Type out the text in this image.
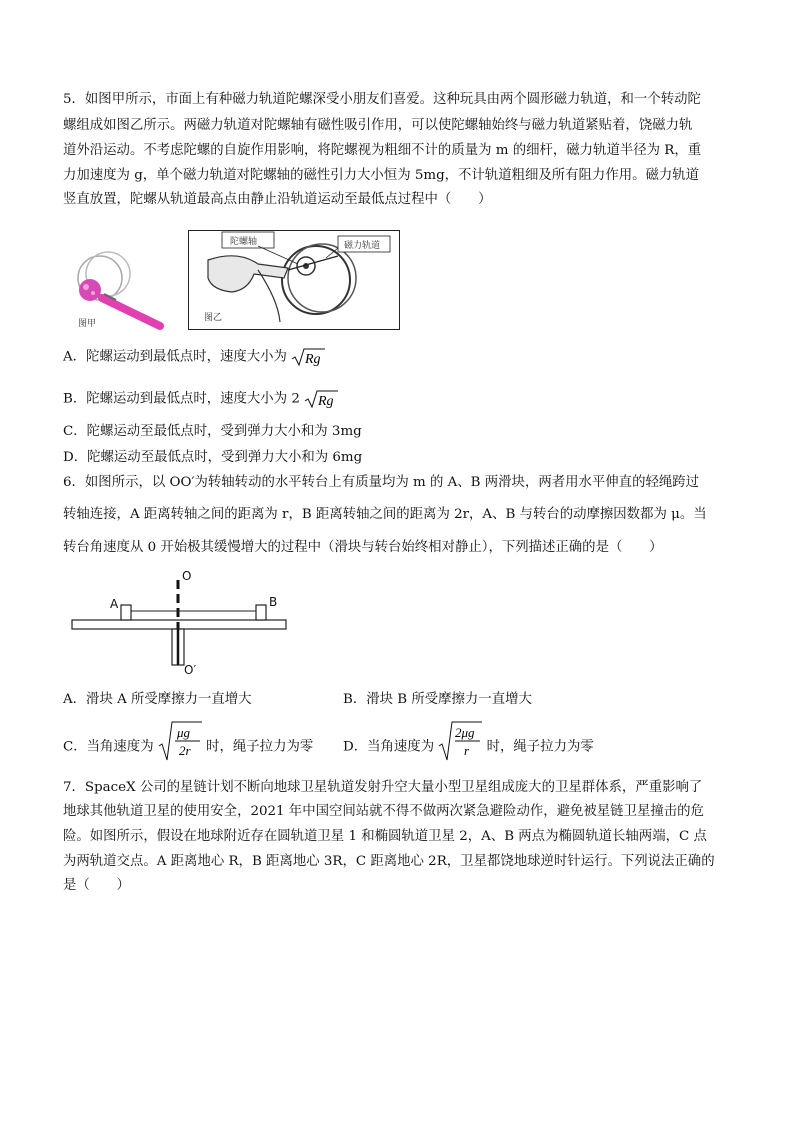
5．如图甲所示，市面上有种磁力轨道陀螺深受小朋友们喜爱。这种玩具由两个圆形磁力轨道，和一个转动陀
螺组成如图乙所示。两磁力轨道对陀螺轴有磁性吸引作用，可以使陀螺轴始终与磁力轨道紧贴着，饶磁力轨
道外沿运动。不考虑陀螺的自旋作用影响，将陀螺视为粗细不计的质量为 m 的细杆，磁力轨道半径为 R，重
力加速度为 g，单个磁力轨道对陀螺轴的磁性引力大小恒为 5mg，不计轨道粗细及所有阻力作用。磁力轨道
竖直放置，陀螺从轨道最高点由静止沿轨道运动至最低点过程中（　　）
图甲
陀螺轴	磁力轨道
图乙
A．陀螺运动到最低点时，速度大小为 Rg
B．陀螺运动到最低点时，速度大小为 2 Rg
C．陀螺运动至最低点时，受到弹力大小和为 3mg
D．陀螺运动至最低点时，受到弹力大小和为 6mg
6．如图所示，以 OO′为转轴转动的水平转台上有质量均为 m 的 A、B 两滑块，两者用水平伸直的轻绳跨过
转轴连接，A 距离转轴之间的距离为 r，B 距离转轴之间的距离为 2r，A、B 与转台的动摩擦因数都为 μ。当
转台角速度从 0 开始极其缓慢增大的过程中（滑块与转台始终相对静止），下列描述正确的是（　　）
O
O′
A	B
A．滑块 A 所受摩擦力一直增大	B．滑块 B 所受摩擦力一直增大
C．当角速度为
μg
2r 时，绳子拉力为零 D．当角速度为
2μg
r 时，绳子拉力为零
7．SpaceX 公司的星链计划不断向地球卫星轨道发射升空大量小型卫星组成庞大的卫星群体系，严重影响了
地球其他轨道卫星的使用安全，2021 年中国空间站就不得不做两次紧急避险动作，避免被星链卫星撞击的危
险。如图所示，假设在地球附近存在圆轨道卫星 1 和椭圆轨道卫星 2，A、B 两点为椭圆轨道长轴两端，C 点
为两轨道交点。A 距离地心 R，B 距离地心 3R，C 距离地心 2R，卫星都饶地球逆时针运行。下列说法正确的
是（　　）
